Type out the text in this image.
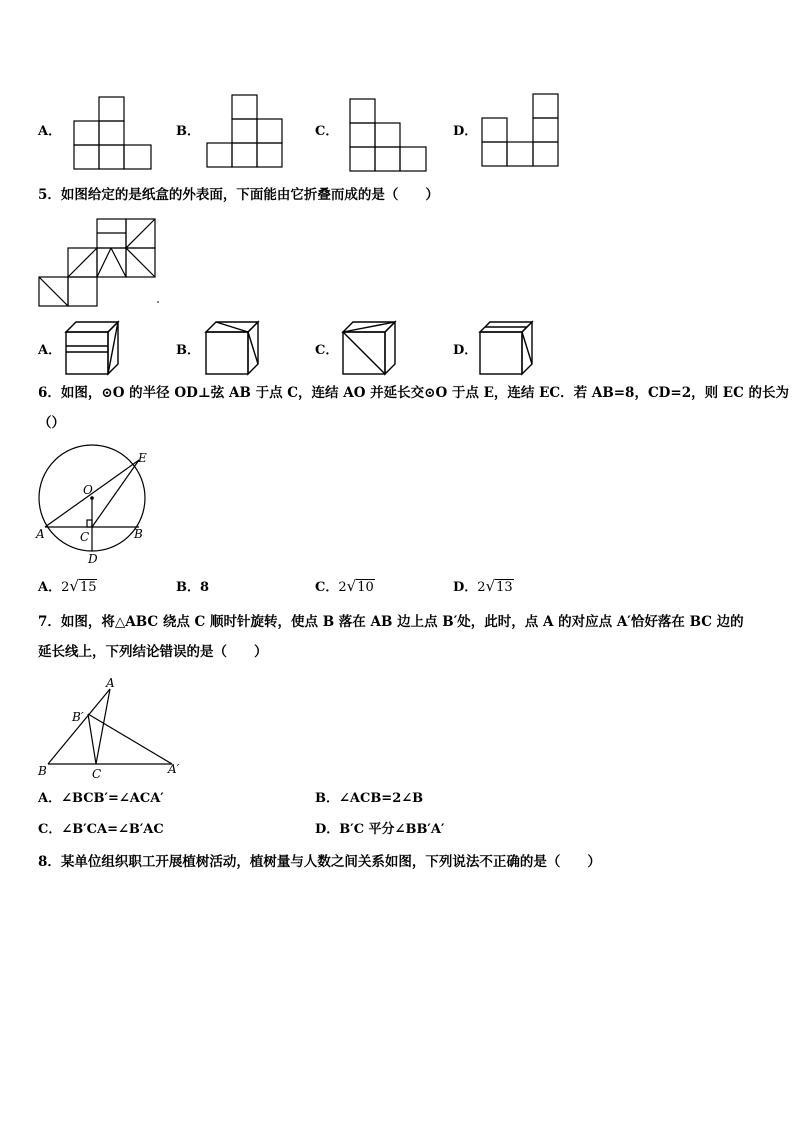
A．	B．	C．	D．
5．如图给定的是纸盒的外表面，下面能由它折叠而成的是（　　）
A．	B．	C．	D．
6．如图，⊙O 的半径 OD⊥弦 AB 于点 C，连结 AO 并延长交⊙O 于点 E，连结 EC．若 AB=8，CD=2，则 EC 的长为
（）
O
E
A	C	B
D
A．2√15	B．8	C．2√10	D．2√13
7．如图，将△ABC 绕点 C 顺时针旋转，使点 B 落在 AB 边上点 B′处，此时，点 A 的对应点 A′恰好落在 BC 边的
延长线上，下列结论错误的是（　　）
A
B′
B	C	A′
A．∠BCB′=∠ACA′	B．∠ACB=2∠B
C．∠B′CA=∠B′AC	D．B′C 平分∠BB′A′
8．某单位组织职工开展植树活动，植树量与人数之间关系如图，下列说法不正确的是（　　）
